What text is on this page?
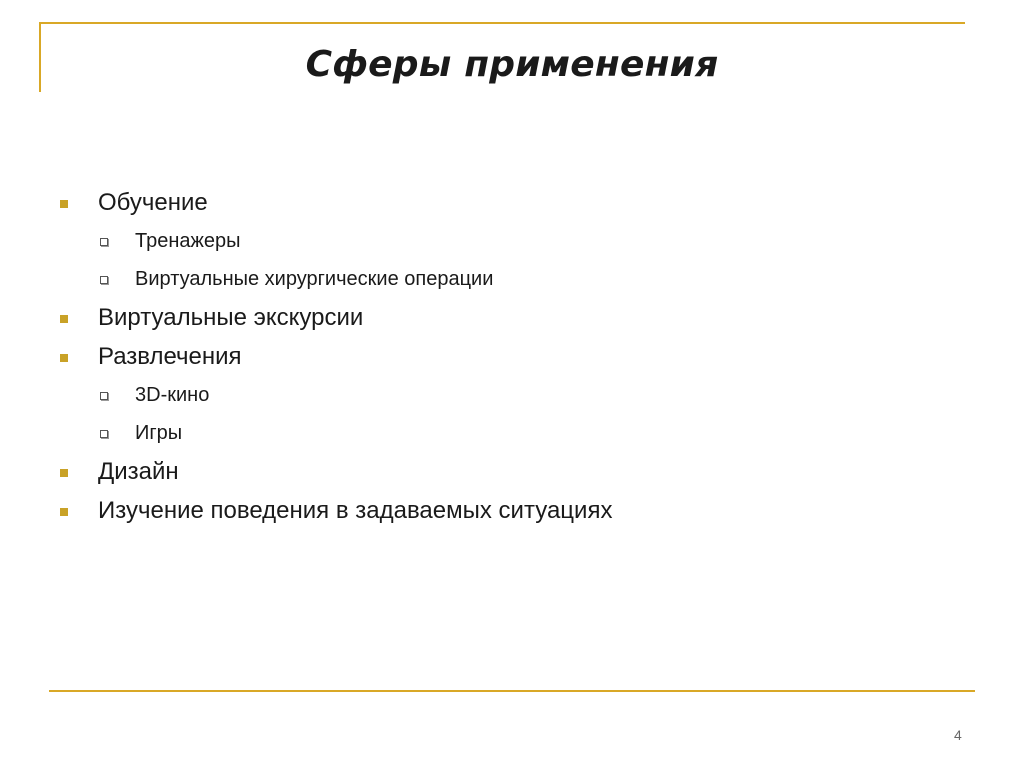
Сферы применения
Обучение
Тренажеры
Виртуальные хирургические операции
Виртуальные экскурсии
Развлечения
3D-кино
Игры
Дизайн
Изучение поведения в задаваемых ситуациях
4
